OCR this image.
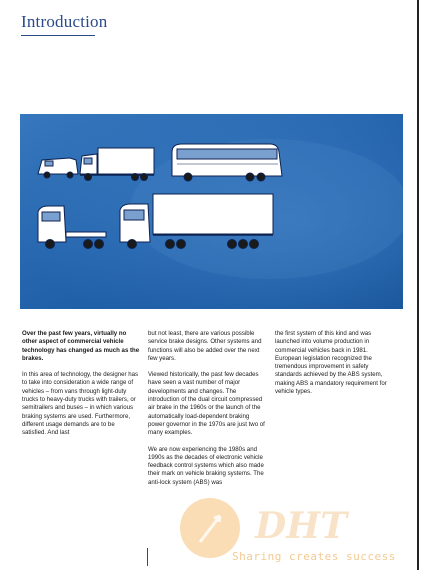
Introduction

Over the past few years, virtually no other aspect of commercial vehicle technology has changed as much as the brakes.

In this area of technology, the designer has to take into consideration a wide range of vehicles – from vans through light-duty trucks to heavy-duty trucks with trailers, or semitrailers and buses – in which various braking systems are used. Furthermore, different usage demands are to be satisfied. And last

but not least, there are various possible service brake designs. Other systems and functions will also be added over the next few years.

Viewed historically, the past few decades have seen a vast number of major developments and changes. The introduction of the dual circuit compressed air brake in the 1960s or the launch of the automatically load-dependent braking power governor in the 1970s are just two of many examples.

We are now experiencing the 1980s and 1990s as the decades of electronic vehicle feedback control systems which also made their mark on vehicle braking systems. The anti-lock system (ABS) was

the first system of this kind and was launched into volume production in commercial vehicles back in 1981. European legislation recognized the tremendous improvement in safety standards achieved by the ABS system, making ABS a mandatory requirement for vehicle types.

DHT
Sharing creates success
